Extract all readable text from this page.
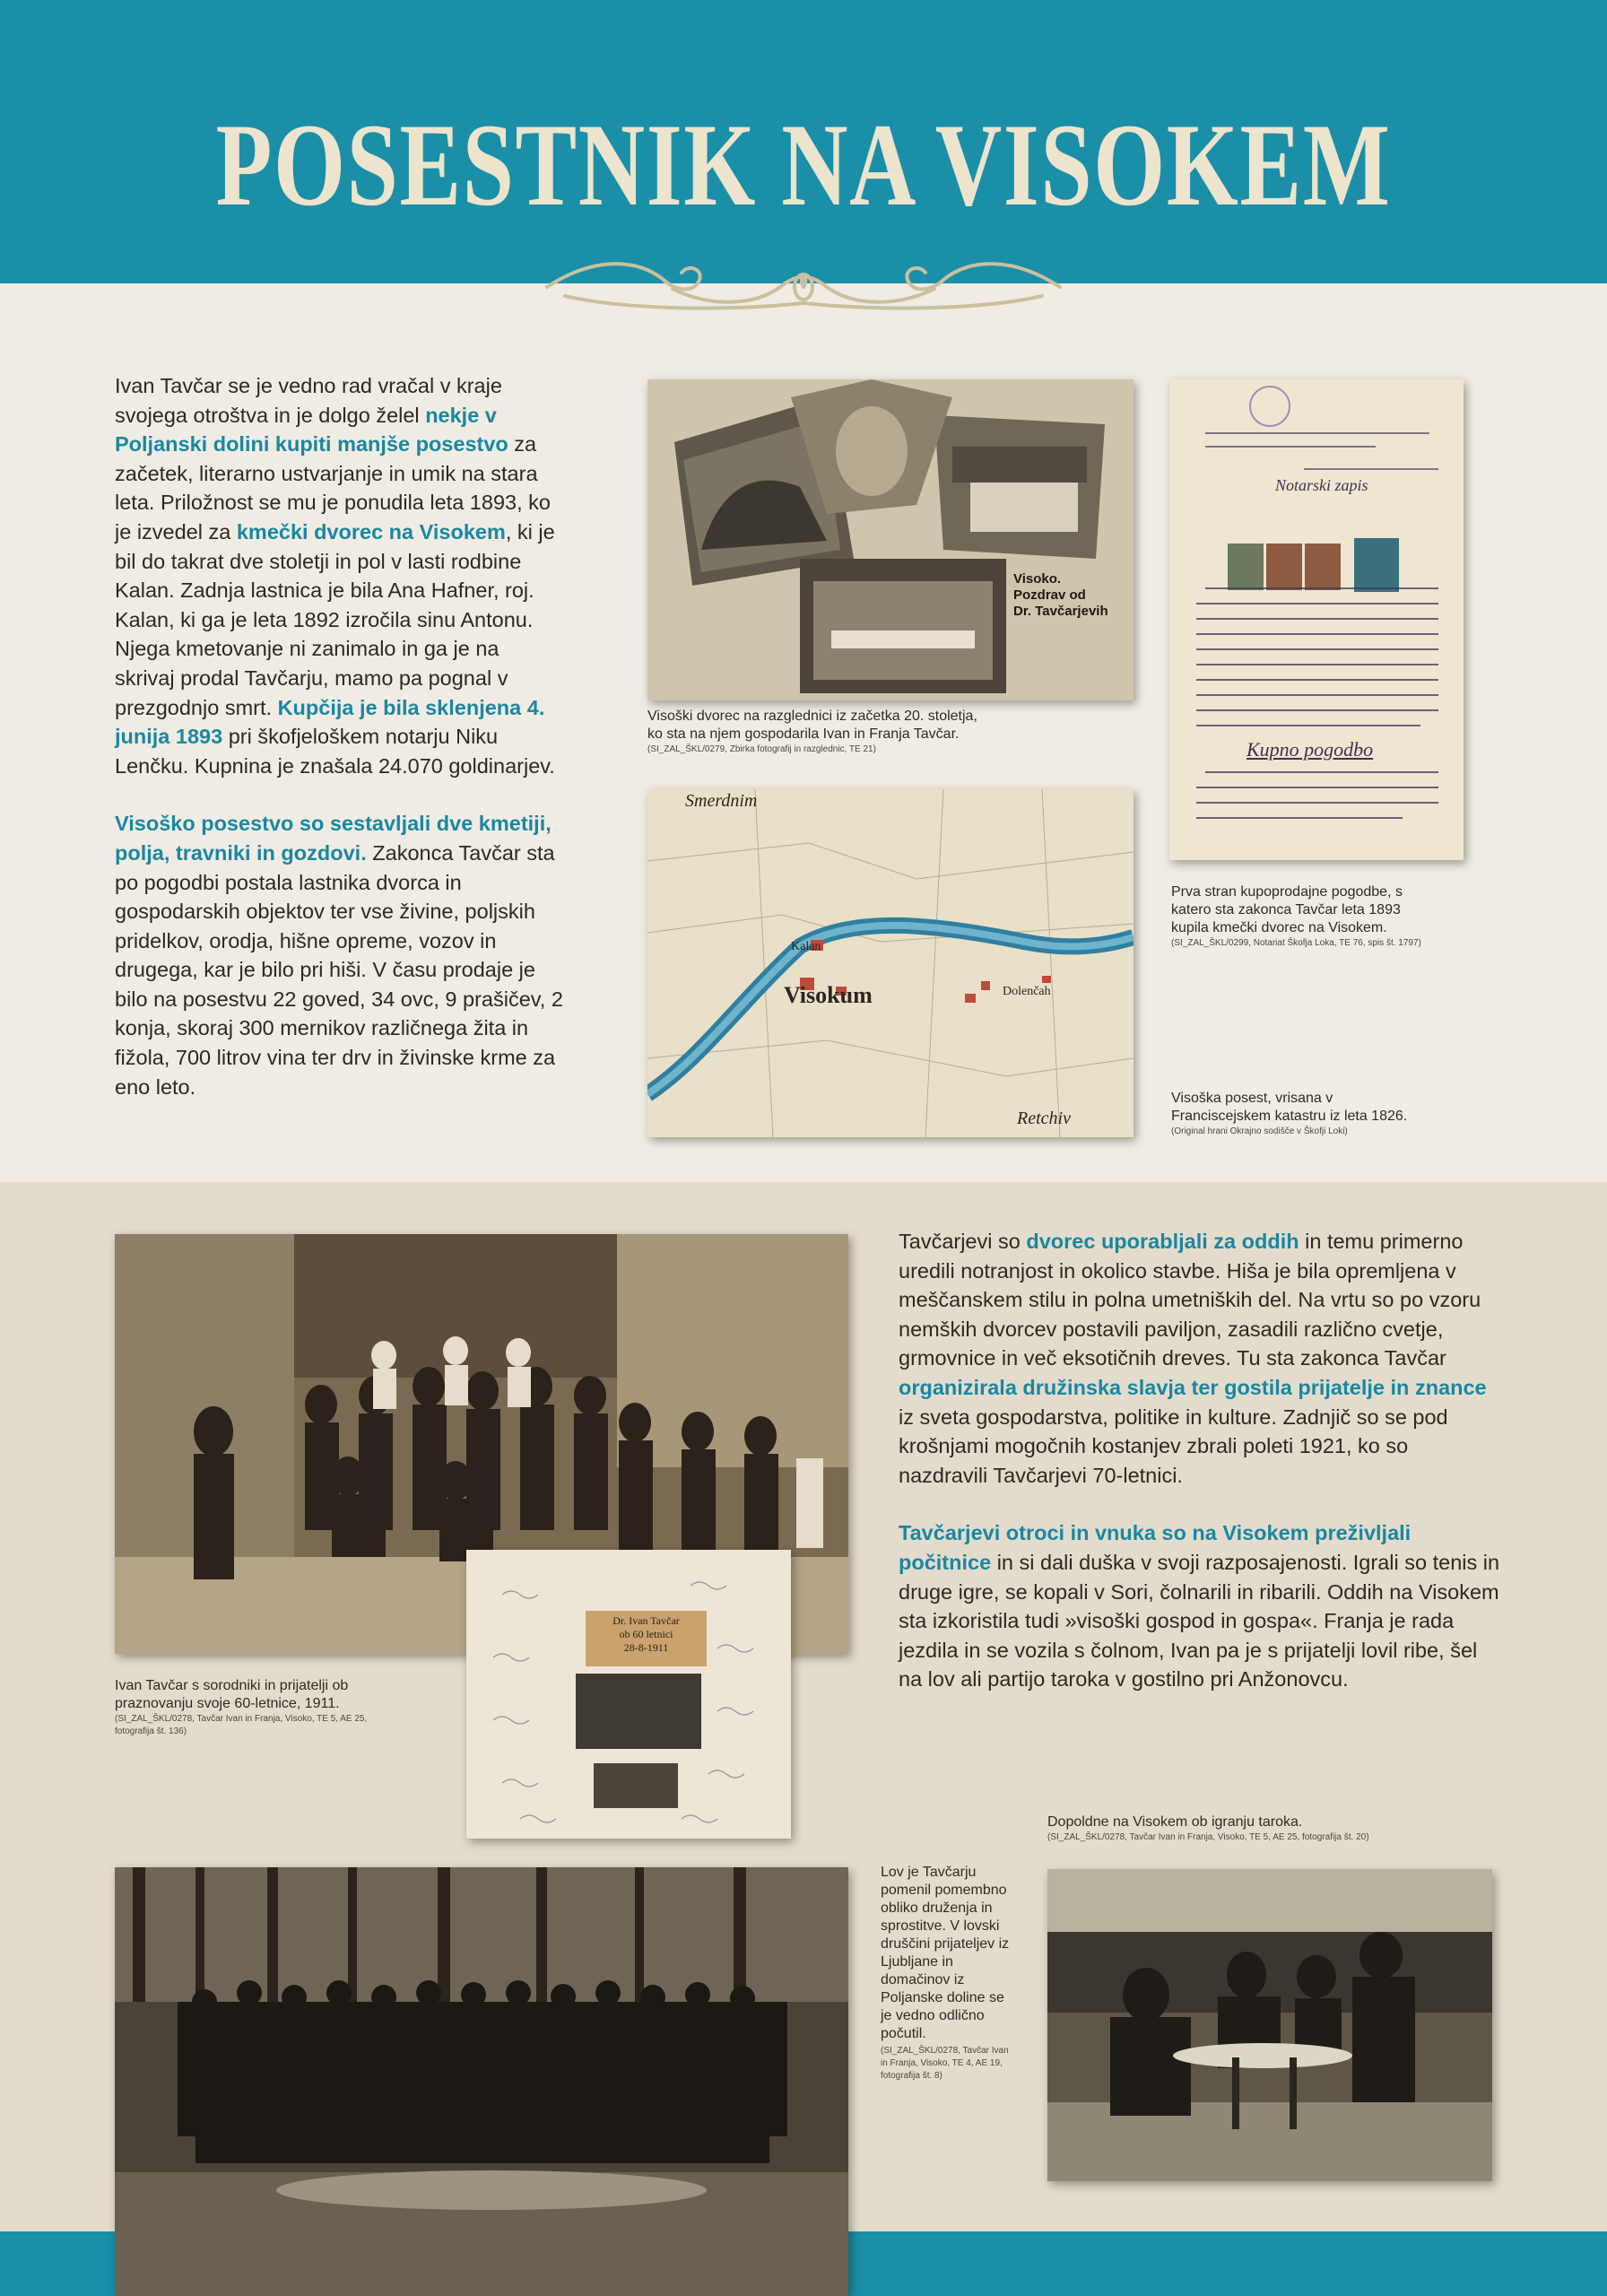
POSESTNIK NA VISOKEM

Ivan Tavčar se je vedno rad vračal v kraje svojega otroštva in je dolgo želel nekje v Poljanski dolini kupiti manjše posestvo za začetek, literarno ustvarjanje in umik na stara leta. Priložnost se mu je ponudila leta 1893, ko je izvedel za kmečki dvorec na Visokem, ki je bil do takrat dve stoletji in pol v lasti rodbine Kalan. Zadnja lastnica je bila Ana Hafner, roj. Kalan, ki ga je leta 1892 izročila sinu Antonu. Njega kmetovanje ni zanimalo in ga je na skrivaj prodal Tavčarju, mamo pa pognal v prezgodnjo smrt. Kupčija je bila sklenjena 4. junija 1893 pri škofjeloškem notarju Niku Lenčku. Kupnina je znašala 24.070 goldinarjev.

Visoško posestvo so sestavljali dve kmetiji, polja, travniki in gozdovi. Zakonca Tavčar sta po pogodbi postala lastnika dvorca in gospodarskih objektov ter vse živine, poljskih pridelkov, orodja, hišne opreme, vozov in drugega, kar je bilo pri hiši. V času prodaje je bilo na posestvu 22 goved, 34 ovc, 9 prašičev, 2 konja, skoraj 300 mernikov različnega žita in fižola, 700 litrov vina ter drv in živinske krme za eno leto.

Visoko.
Pozdrav od
Dr. Tavčarjevih
Visoški dvorec na razglednici iz začetka 20. stoletja, ko sta na njem gospodarila Ivan in Franja Tavčar.
(SI_ZAL_ŠKL/0279, Zbirka fotografij in razglednic, TE 21)
Notarski zapis
Kupno pogodbo
Prva stran kupoprodajne pogodbe, s katero sta zakonca Tavčar leta 1893 kupila kmečki dvorec na Visokem.
(SI_ZAL_ŠKL/0299, Notariat Škofja Loka, TE 76, spis št. 1797)
Smerdnim
Visokum
Kalan
Dolenčah
Retchiv
Visoška posest, vrisana v Franciscejskem katastru iz leta 1826.
(Original hrani Okrajno sodišče v Škofji Loki)
Ivan Tavčar s sorodniki in prijatelji ob praznovanju svoje 60-letnice, 1911.
(SI_ZAL_ŠKL/0278, Tavčar Ivan in Franja, Visoko, TE 5, AE 25, fotografija št. 136)
Dr. Ivan Tavčar
ob 60 letnici
28-8-1911

Tavčarjevi so dvorec uporabljali za oddih in temu primerno uredili notranjost in okolico stavbe. Hiša je bila opremljena v meščanskem stilu in polna umetniških del. Na vrtu so po vzoru nemških dvorcev postavili paviljon, zasadili različno cvetje, grmovnice in več eksotičnih dreves. Tu sta zakonca Tavčar organizirala družinska slavja ter gostila prijatelje in znance iz sveta gospodarstva, politike in kulture. Zadnjič so se pod krošnjami mogočnih kostanjev zbrali poleti 1921, ko so nazdravili Tavčarjevi 70-letnici.

Tavčarjevi otroci in vnuka so na Visokem preživljali počitnice in si dali duška v svoji razposajenosti. Igrali so tenis in druge igre, se kopali v Sori, čolnarili in ribarili. Oddih na Visokem sta izkoristila tudi »visoški gospod in gospa«. Franja je rada jezdila in se vozila s čolnom, Ivan pa je s prijatelji lovil ribe, šel na lov ali partijo taroka v gostilno pri Anžonovcu.

Dopoldne na Visokem ob igranju taroka.
(SI_ZAL_ŠKL/0278, Tavčar Ivan in Franja, Visoko, TE 5, AE 25, fotografija št. 20)
Lov je Tavčarju pomenil pomembno obliko druženja in sprostitve. V lovski druščini prijateljev iz Ljubljane in domačinov iz Poljanske doline se je vedno odlično počutil.
(SI_ZAL_ŠKL/0278, Tavčar Ivan in Franja, Visoko, TE 4, AE 19, fotografija št. 8)
